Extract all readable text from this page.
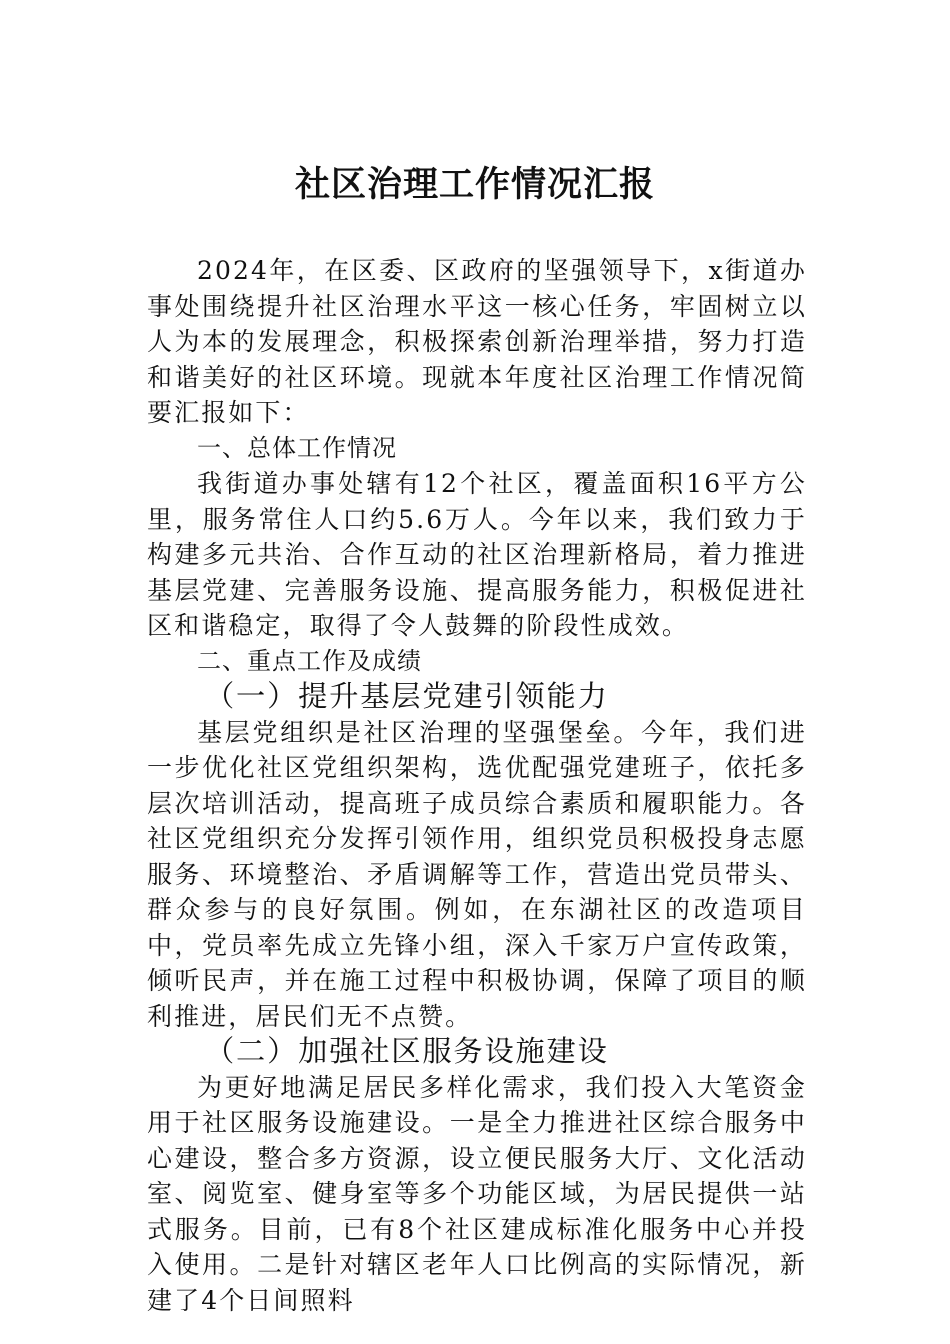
社区治理工作情况汇报

2024年，在区委、区政府的坚强领导下，x街道办事处围绕提升社区治理水平这一核心任务，牢固树立以人为本的发展理念，积极探索创新治理举措，努力打造和谐美好的社区环境。现就本年度社区治理工作情况简要汇报如下：

一、总体工作情况

我街道办事处辖有12个社区，覆盖面积16平方公里，服务常住人口约5.6万人。今年以来，我们致力于构建多元共治、合作互动的社区治理新格局，着力推进基层党建、完善服务设施、提高服务能力，积极促进社区和谐稳定，取得了令人鼓舞的阶段性成效。

二、重点工作及成绩
（一）提升基层党建引领能力

基层党组织是社区治理的坚强堡垒。今年，我们进一步优化社区党组织架构，选优配强党建班子，依托多层次培训活动，提高班子成员综合素质和履职能力。各社区党组织充分发挥引领作用，组织党员积极投身志愿服务、环境整治、矛盾调解等工作，营造出党员带头、群众参与的良好氛围。例如，在东湖社区的改造项目中，党员率先成立先锋小组，深入千家万户宣传政策，倾听民声，并在施工过程中积极协调，保障了项目的顺利推进，居民们无不点赞。

（二）加强社区服务设施建设

为更好地满足居民多样化需求，我们投入大笔资金用于社区服务设施建设。一是全力推进社区综合服务中心建设，整合多方资源，设立便民服务大厅、文化活动室、阅览室、健身室等多个功能区域，为居民提供一站式服务。目前，已有8个社区建成标准化服务中心并投入使用。二是针对辖区老年人口比例高的实际情况，新建了4个日间照料
